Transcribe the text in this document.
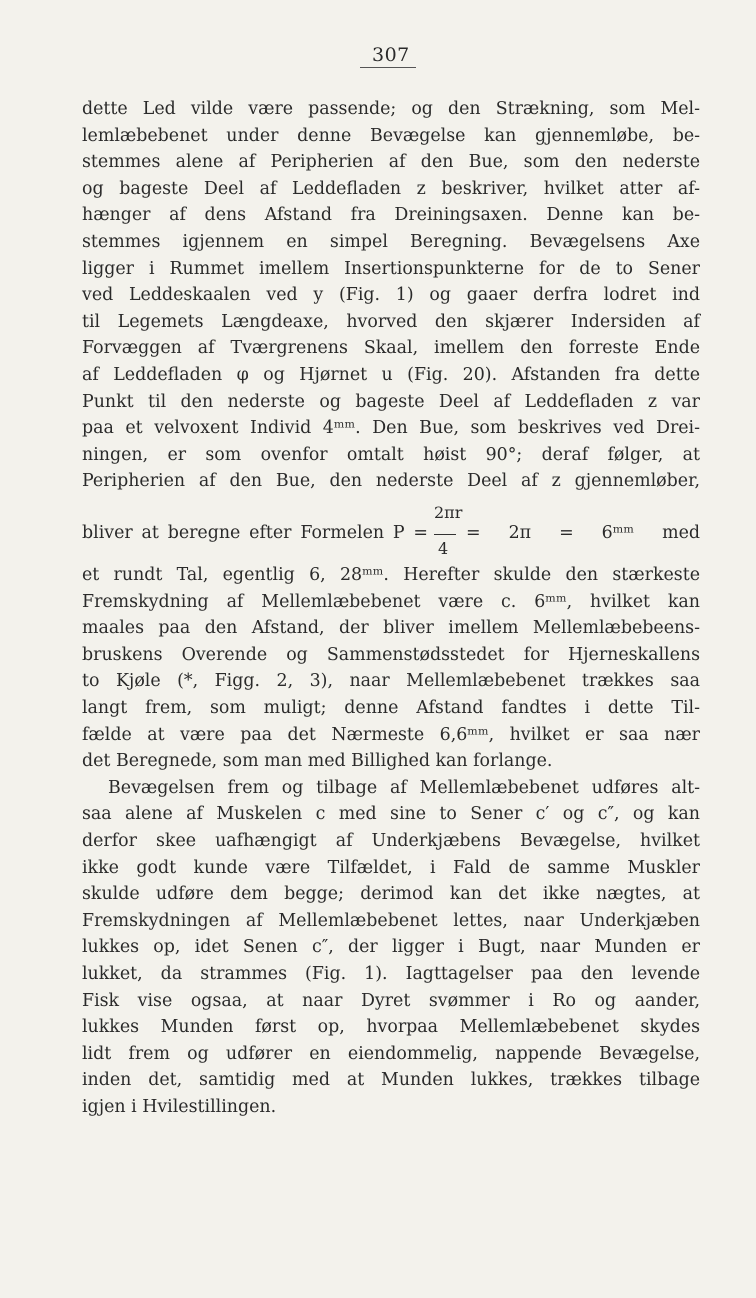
307
dette Led vilde være passende; og den Strækning, som Mel-
lemlæbebenet under denne Bevægelse kan gjennemløbe, be-
stemmes alene af Peripherien af den Bue, som den nederste
og bageste Deel af Leddefladen z beskriver, hvilket atter af-
hænger af dens Afstand fra Dreiningsaxen. Denne kan be-
stemmes igjennem en simpel Beregning. Bevægelsens Axe
ligger i Rummet imellem Insertionspunkterne for de to Sener
ved Leddeskaalen ved y (Fig. 1) og gaaer derfra lodret ind
til Legemets Længdeaxe, hvorved den skjærer Indersiden af
Forvæggen af Tværgrenens Skaal, imellem den forreste Ende
af Leddefladen φ og Hjørnet u (Fig. 20). Afstanden fra dette
Punkt til den nederste og bageste Deel af Leddefladen z var
paa et velvoxent Individ 4ᵐᵐ. Den Bue, som beskrives ved Drei-
ningen, er som ovenfor omtalt høist 90°; deraf følger, at
Peripherien af den Bue, den nederste Deel af z gjennemløber,
bliver at beregne efter Formelen P =
2πr
4
= 2π = 6ᵐᵐ med
et rundt Tal, egentlig 6, 28ᵐᵐ. Herefter skulde den stærkeste
Fremskydning af Mellemlæbebenet være c. 6ᵐᵐ, hvilket kan
maales paa den Afstand, der bliver imellem Mellemlæbebeens-
bruskens Overende og Sammenstødsstedet for Hjerneskallens
to Kjøle (*, Figg. 2, 3), naar Mellemlæbebenet trækkes saa
langt frem, som muligt; denne Afstand fandtes i dette Til-
fælde at være paa det Nærmeste 6,6ᵐᵐ, hvilket er saa nær
det Beregnede, som man med Billighed kan forlange.
Bevægelsen frem og tilbage af Mellemlæbebenet udføres alt-
saa alene af Muskelen c med sine to Sener c′ og c″, og kan
derfor skee uafhængigt af Underkjæbens Bevægelse, hvilket
ikke godt kunde være Tilfældet, i Fald de samme Muskler
skulde udføre dem begge; derimod kan det ikke nægtes, at
Fremskydningen af Mellemlæbebenet lettes, naar Underkjæben
lukkes op, idet Senen c″, der ligger i Bugt, naar Munden er
lukket, da strammes (Fig. 1). Iagttagelser paa den levende
Fisk vise ogsaa, at naar Dyret svømmer i Ro og aander,
lukkes Munden først op, hvorpaa Mellemlæbebenet skydes
lidt frem og udfører en eiendommelig, nappende Bevægelse,
inden det, samtidig med at Munden lukkes, trækkes tilbage
igjen i Hvilestillingen.
